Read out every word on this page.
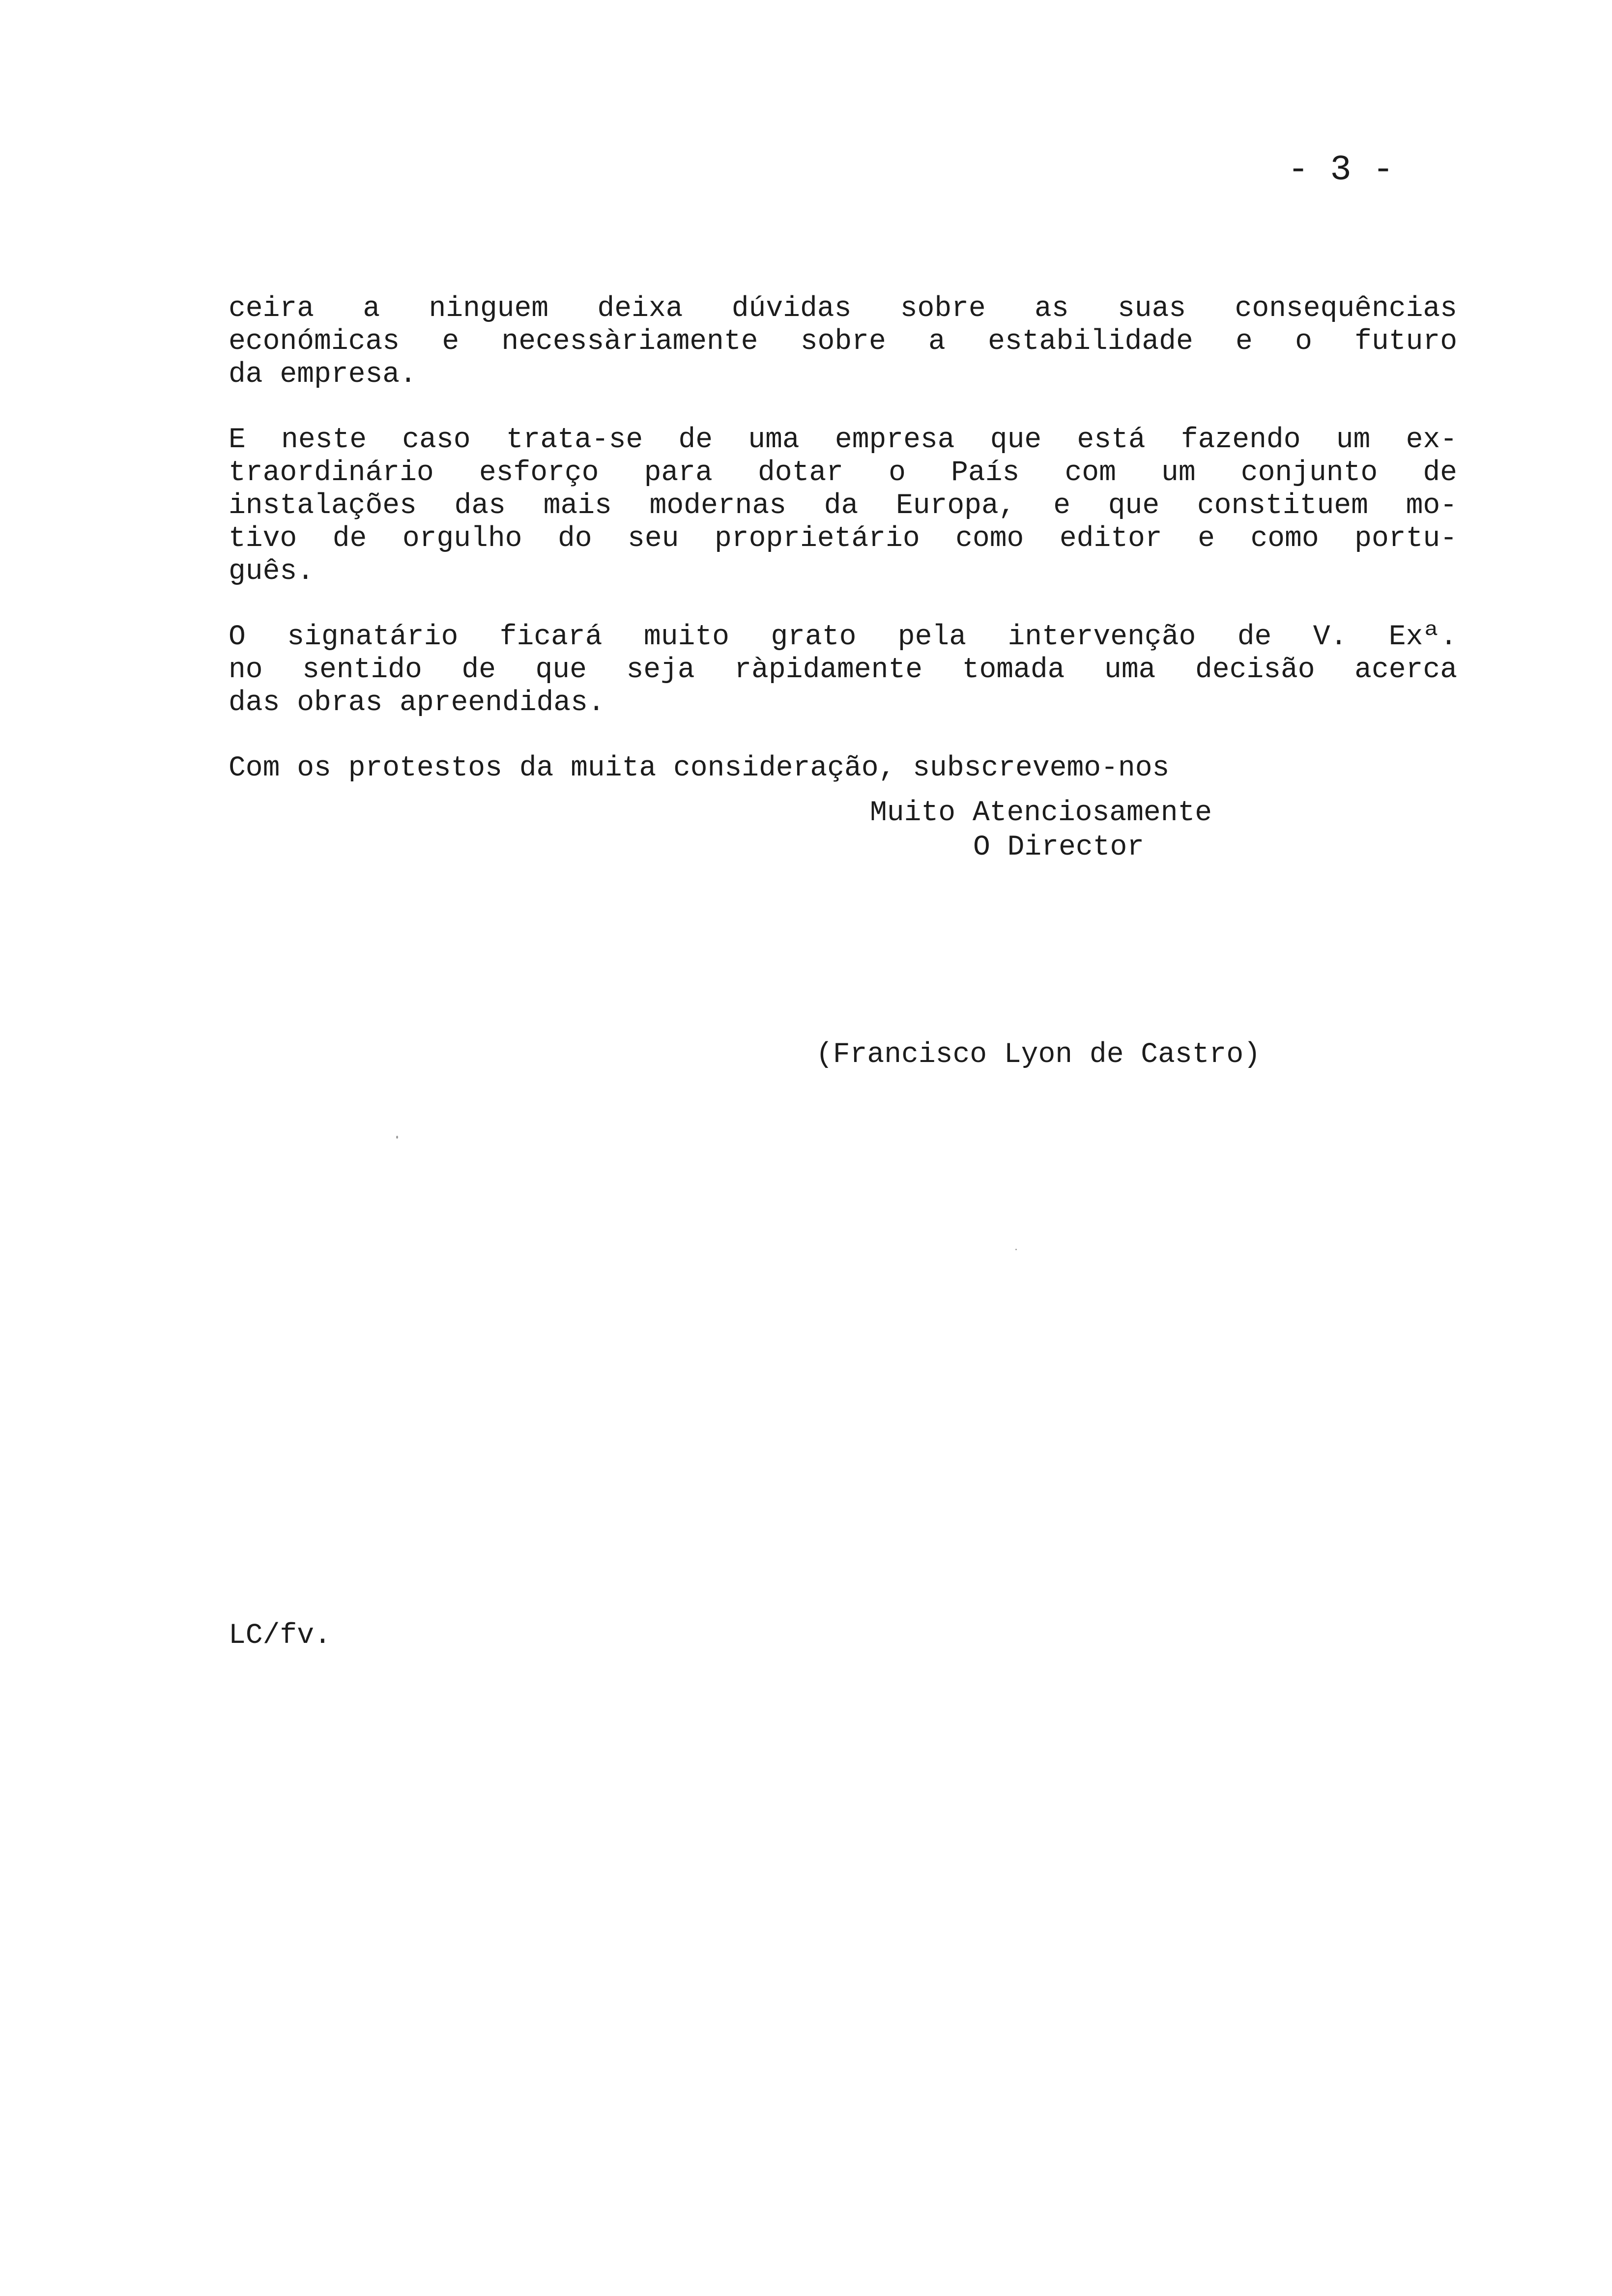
- 3 -
ceira a ninguem deixa dúvidas sobre as suas consequências
económicas e necessàriamente sobre a estabilidade e o futuro
da empresa.
E neste caso trata-se de uma empresa que está fazendo um ex-
traordinário esforço para dotar o País com um conjunto de
instalações das mais modernas da Europa, e que constituem mo-
tivo de orgulho do seu proprietário como editor e como portu-
guês.
O signatário ficará muito grato pela intervenção de V. Exª.
no sentido de que seja ràpidamente tomada uma decisão acerca
das obras apreendidas.
Com os protestos da muita consideração, subscrevemo-nos
Muito Atenciosamente
O Director
(Francisco Lyon de Castro)
LC/fv.
